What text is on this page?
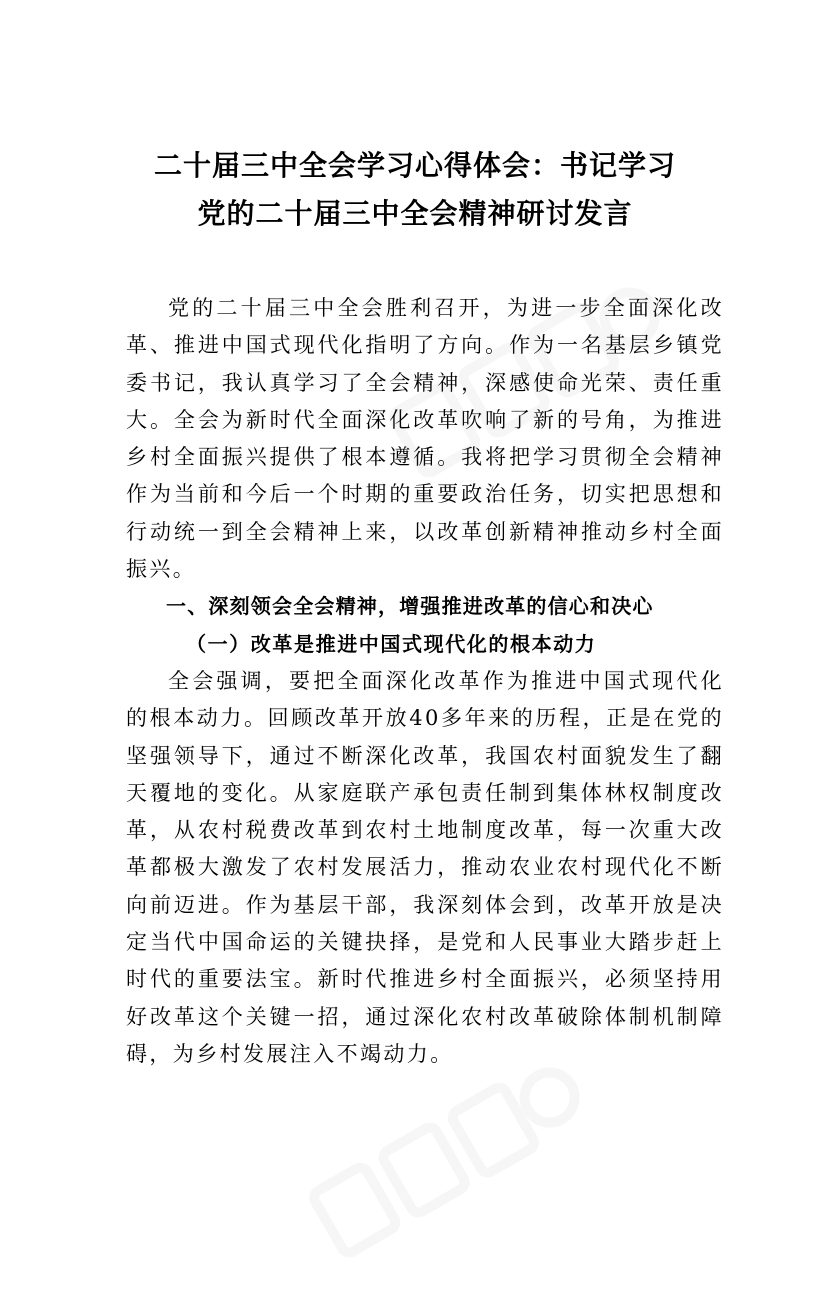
二十届三中全会学习心得体会：书记学习
党的二十届三中全会精神研讨发言

党的二十届三中全会胜利召开，为进一步全面深化改革、推进中国式现代化指明了方向。作为一名基层乡镇党委书记，我认真学习了全会精神，深感使命光荣、责任重大。全会为新时代全面深化改革吹响了新的号角，为推进乡村全面振兴提供了根本遵循。我将把学习贯彻全会精神作为当前和今后一个时期的重要政治任务，切实把思想和行动统一到全会精神上来，以改革创新精神推动乡村全面振兴。

一、深刻领会全会精神，增强推进改革的信心和决心

（一）改革是推进中国式现代化的根本动力

全会强调，要把全面深化改革作为推进中国式现代化的根本动力。回顾改革开放40多年来的历程，正是在党的坚强领导下，通过不断深化改革，我国农村面貌发生了翻天覆地的变化。从家庭联产承包责任制到集体林权制度改革，从农村税费改革到农村土地制度改革，每一次重大改革都极大激发了农村发展活力，推动农业农村现代化不断向前迈进。作为基层干部，我深刻体会到，改革开放是决定当代中国命运的关键抉择，是党和人民事业大踏步赶上时代的重要法宝。新时代推进乡村全面振兴，必须坚持用好改革这个关键一招，通过深化农村改革破除体制机制障碍，为乡村发展注入不竭动力。
